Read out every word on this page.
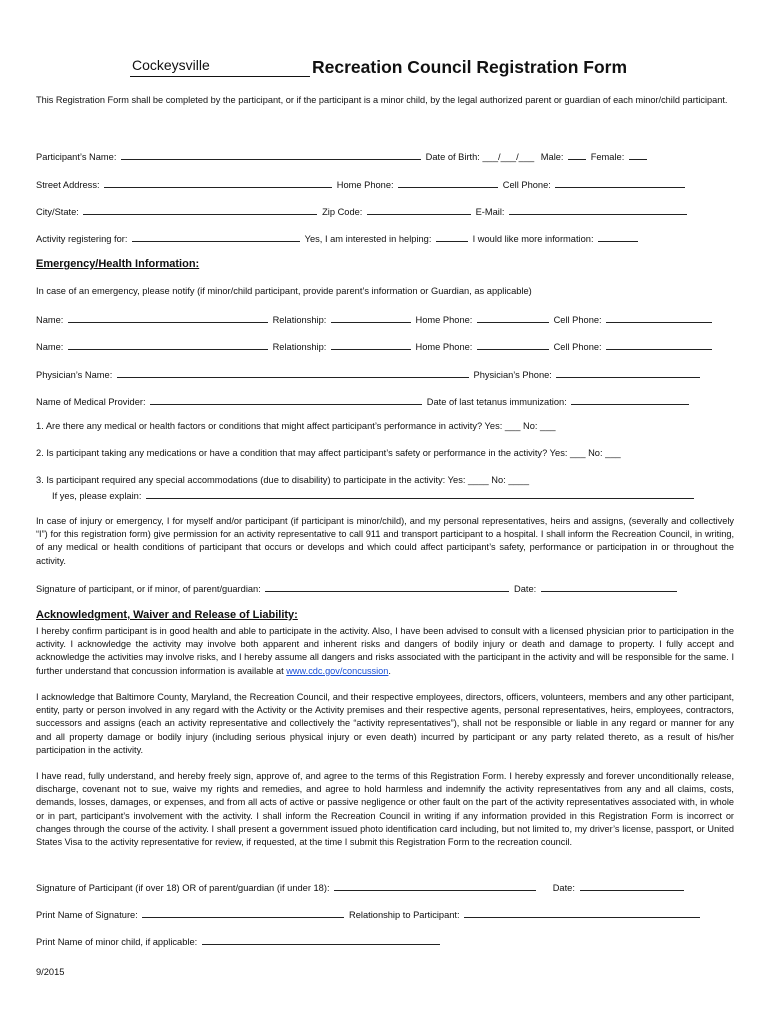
Cockeysville	Recreation Council Registration Form
This Registration Form shall be completed by the participant, or if the participant is a minor child, by the legal authorized parent or guardian of each minor/child participant.
Participant’s Name:	Date of Birth: ___/___/___ Male:	Female:
Street Address:	Home Phone:	Cell Phone:
City/State:	Zip Code:	E-Mail:
Activity registering for:	Yes, I am interested in helping:	I would like more information:
Emergency/Health Information:
In case of an emergency, please notify (if minor/child participant, provide parent’s information or Guardian, as applicable)
Name:	Relationship:	Home Phone:	Cell Phone:
Name:	Relationship:	Home Phone:	Cell Phone:
Physician’s Name:	Physician’s Phone:
Name of Medical Provider:	Date of last tetanus immunization:
1. Are there any medical or health factors or conditions that might affect participant’s performance in activity? Yes: ___ No: ___
2. Is participant taking any medications or have a condition that may affect participant’s safety or performance in the activity? Yes: ___ No: ___
3. Is participant required any special accommodations (due to disability) to participate in the activity: Yes: ____ No: ____
If yes, please explain:
In case of injury or emergency, I for myself and/or participant (if participant is minor/child), and my personal representatives, heirs and assigns, (severally and collectively “I”) for this registration form) give permission for an activity representative to call 911 and transport participant to a hospital. I shall inform the Recreation Council, in writing, of any medical or health conditions of participant that occurs or develops and which could affect participant’s safety, performance or participation in or throughout the activity.
Signature of participant, or if minor, of parent/guardian:	Date:
Acknowledgment, Waiver and Release of Liability:
I hereby confirm participant is in good health and able to participate in the activity. Also, I have been advised to consult with a licensed physician prior to participation in the activity. I acknowledge the activity may involve both apparent and inherent risks and dangers of bodily injury or death and damage to property. I fully accept and acknowledge the activities may involve risks, and I hereby assume all dangers and risks associated with the participant in the activity and will be responsible for the same. I further understand that concussion information is available at www.cdc.gov/concussion.
I acknowledge that Baltimore County, Maryland, the Recreation Council, and their respective employees, directors, officers, volunteers, members and any other participant, entity, party or person involved in any regard with the Activity or the Activity premises and their respective agents, personal representatives, heirs, employees, contractors, successors and assigns (each an activity representative and collectively the “activity representatives”), shall not be responsible or liable in any regard or manner for any and all property damage or bodily injury (including serious physical injury or even death) incurred by participant or any party related thereto, as a result of his/her participation in the activity.
I have read, fully understand, and hereby freely sign, approve of, and agree to the terms of this Registration Form. I hereby expressly and forever unconditionally release, discharge, covenant not to sue, waive my rights and remedies, and agree to hold harmless and indemnify the activity representatives from any and all claims, costs, demands, losses, damages, or expenses, and from all acts of active or passive negligence or other fault on the part of the activity representatives associated with, in whole or in part, participant’s involvement with the activity. I shall inform the Recreation Council in writing if any information provided in this Registration Form is incorrect or changes through the course of the activity. I shall present a government issued photo identification card including, but not limited to, my driver’s license, passport, or United States Visa to the activity representative for review, if requested, at the time I submit this Registration Form to the recreation council.
Signature of Participant (if over 18) OR of parent/guardian (if under 18):	Date:
Print Name of Signature:	Relationship to Participant:
Print Name of minor child, if applicable:
9/2015
